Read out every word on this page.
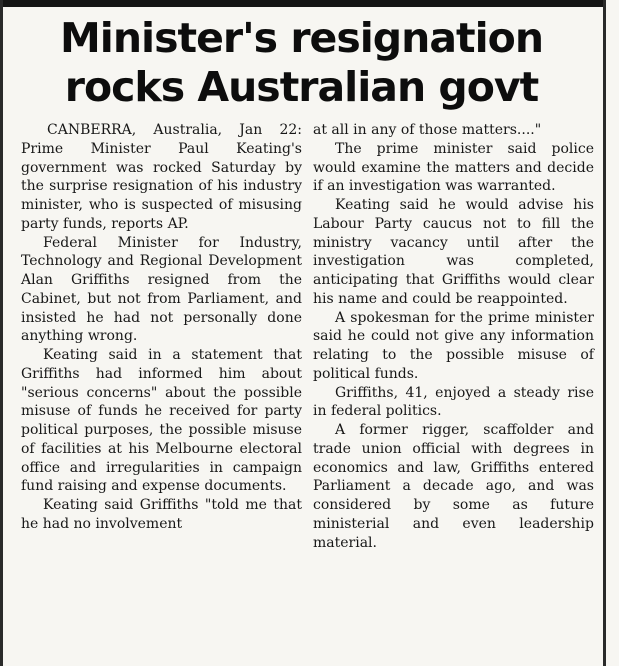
Minister's resignation
rocks Australian govt

CANBERRA, Australia, Jan 22: Prime Minister Paul Keating's government was rocked Saturday by the surprise resignation of his industry minister, who is suspected of misusing party funds, reports AP.

Federal Minister for Industry, Technology and Regional Development Alan Griffiths resigned from the Cabinet, but not from Parliament, and insisted he had not personally done anything wrong.

Keating said in a statement that Griffiths had informed him about "serious concerns" about the possible misuse of funds he received for party political purposes, the possible misuse of facilities at his Melbourne electoral office and irregularities in campaign fund raising and expense documents.

Keating said Griffiths "told me that he had no involvement

at all in any of those matters...."

The prime minister said police would examine the matters and decide if an investigation was warranted.

Keating said he would advise his Labour Party caucus not to fill the ministry vacancy until after the investigation was completed, anticipating that Griffiths would clear his name and could be reappointed.

A spokesman for the prime minister said he could not give any information relating to the possible misuse of political funds.

Griffiths, 41, enjoyed a steady rise in federal politics.

A former rigger, scaffolder and trade union official with degrees in economics and law, Griffiths entered Parliament a decade ago, and was considered by some as future ministerial and even leadership material.
